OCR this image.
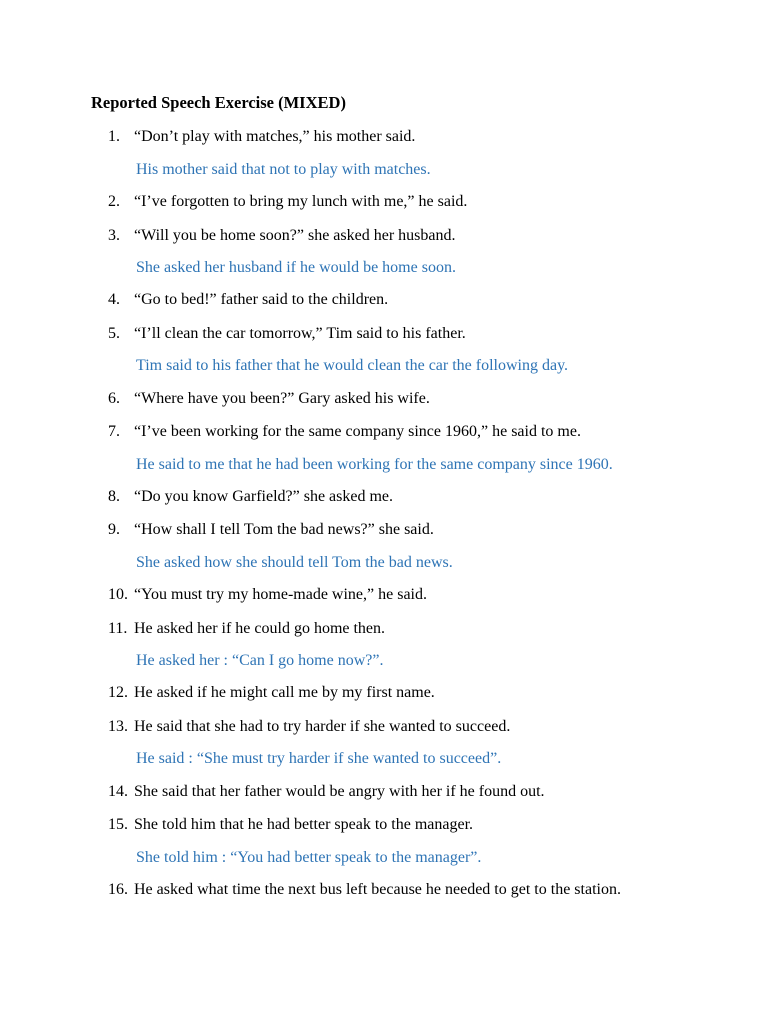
Reported Speech Exercise (MIXED)
1. “Don’t play with matches,” his mother said.
His mother said that not to play with matches.
2. “I’ve forgotten to bring my lunch with me,” he said.
3. “Will you be home soon?” she asked her husband.
She asked her husband if he would be home soon.
4. “Go to bed!” father said to the children.
5. “I’ll clean the car tomorrow,” Tim said to his father.
Tim said to his father that he would clean the car the following day.
6. “Where have you been?” Gary asked his wife.
7. “I’ve been working for the same company since 1960,” he said to me.
He said to me that he had been working for the same company since 1960.
8. “Do you know Garfield?” she asked me.
9. “How shall I tell Tom the bad news?” she said.
She asked how she should tell Tom the bad news.
10. “You must try my home-made wine,” he said.
11. He asked her if he could go home then.
He asked her : “Can I go home now?”.
12. He asked if he might call me by my first name.
13. He said that she had to try harder if she wanted to succeed.
He said : “She must try harder if she wanted to succeed”.
14. She said that her father would be angry with her if he found out.
15. She told him that he had better speak to the manager.
She told him : “You had better speak to the manager”.
16. He asked what time the next bus left because he needed to get to the station.
